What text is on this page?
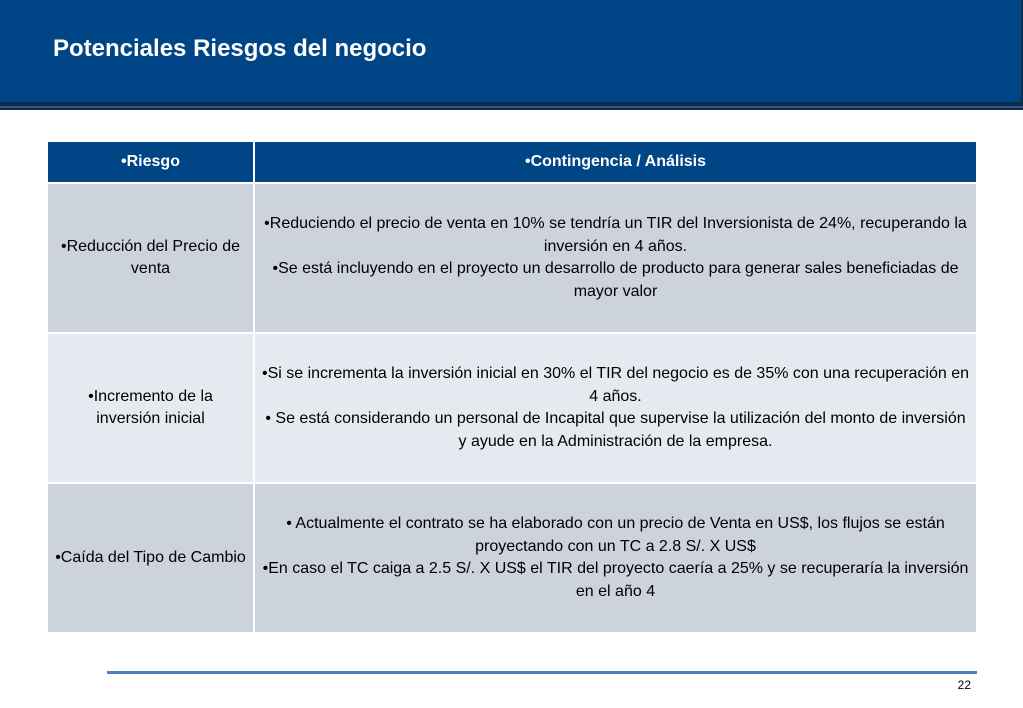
Potenciales Riesgos del negocio
•Riesgo	•Contingencia / Análisis
•Reducción del Precio de venta	•Reduciendo el precio de venta en 10% se tendría un TIR del Inversionista de 24%, recuperando la inversión en 4 años.
•Se está incluyendo en el proyecto un desarrollo de producto para generar sales beneficiadas de mayor valor

•Incremento de la inversión inicial	•Si se incrementa la inversión inicial en 30% el TIR del negocio es de 35% con una recuperación en 4 años.
• Se está considerando un personal de Incapital que supervise la utilización del monto de inversión y ayude en la Administración de la empresa.

•Caída del Tipo de Cambio	• Actualmente el contrato se ha elaborado con un precio de Venta en US$, los flujos se están proyectando con un TC a 2.8 S/. X US$
•En caso el TC caiga a 2.5 S/. X US$ el TIR del proyecto caería a 25% y se recuperaría la inversión en el año 4
22
